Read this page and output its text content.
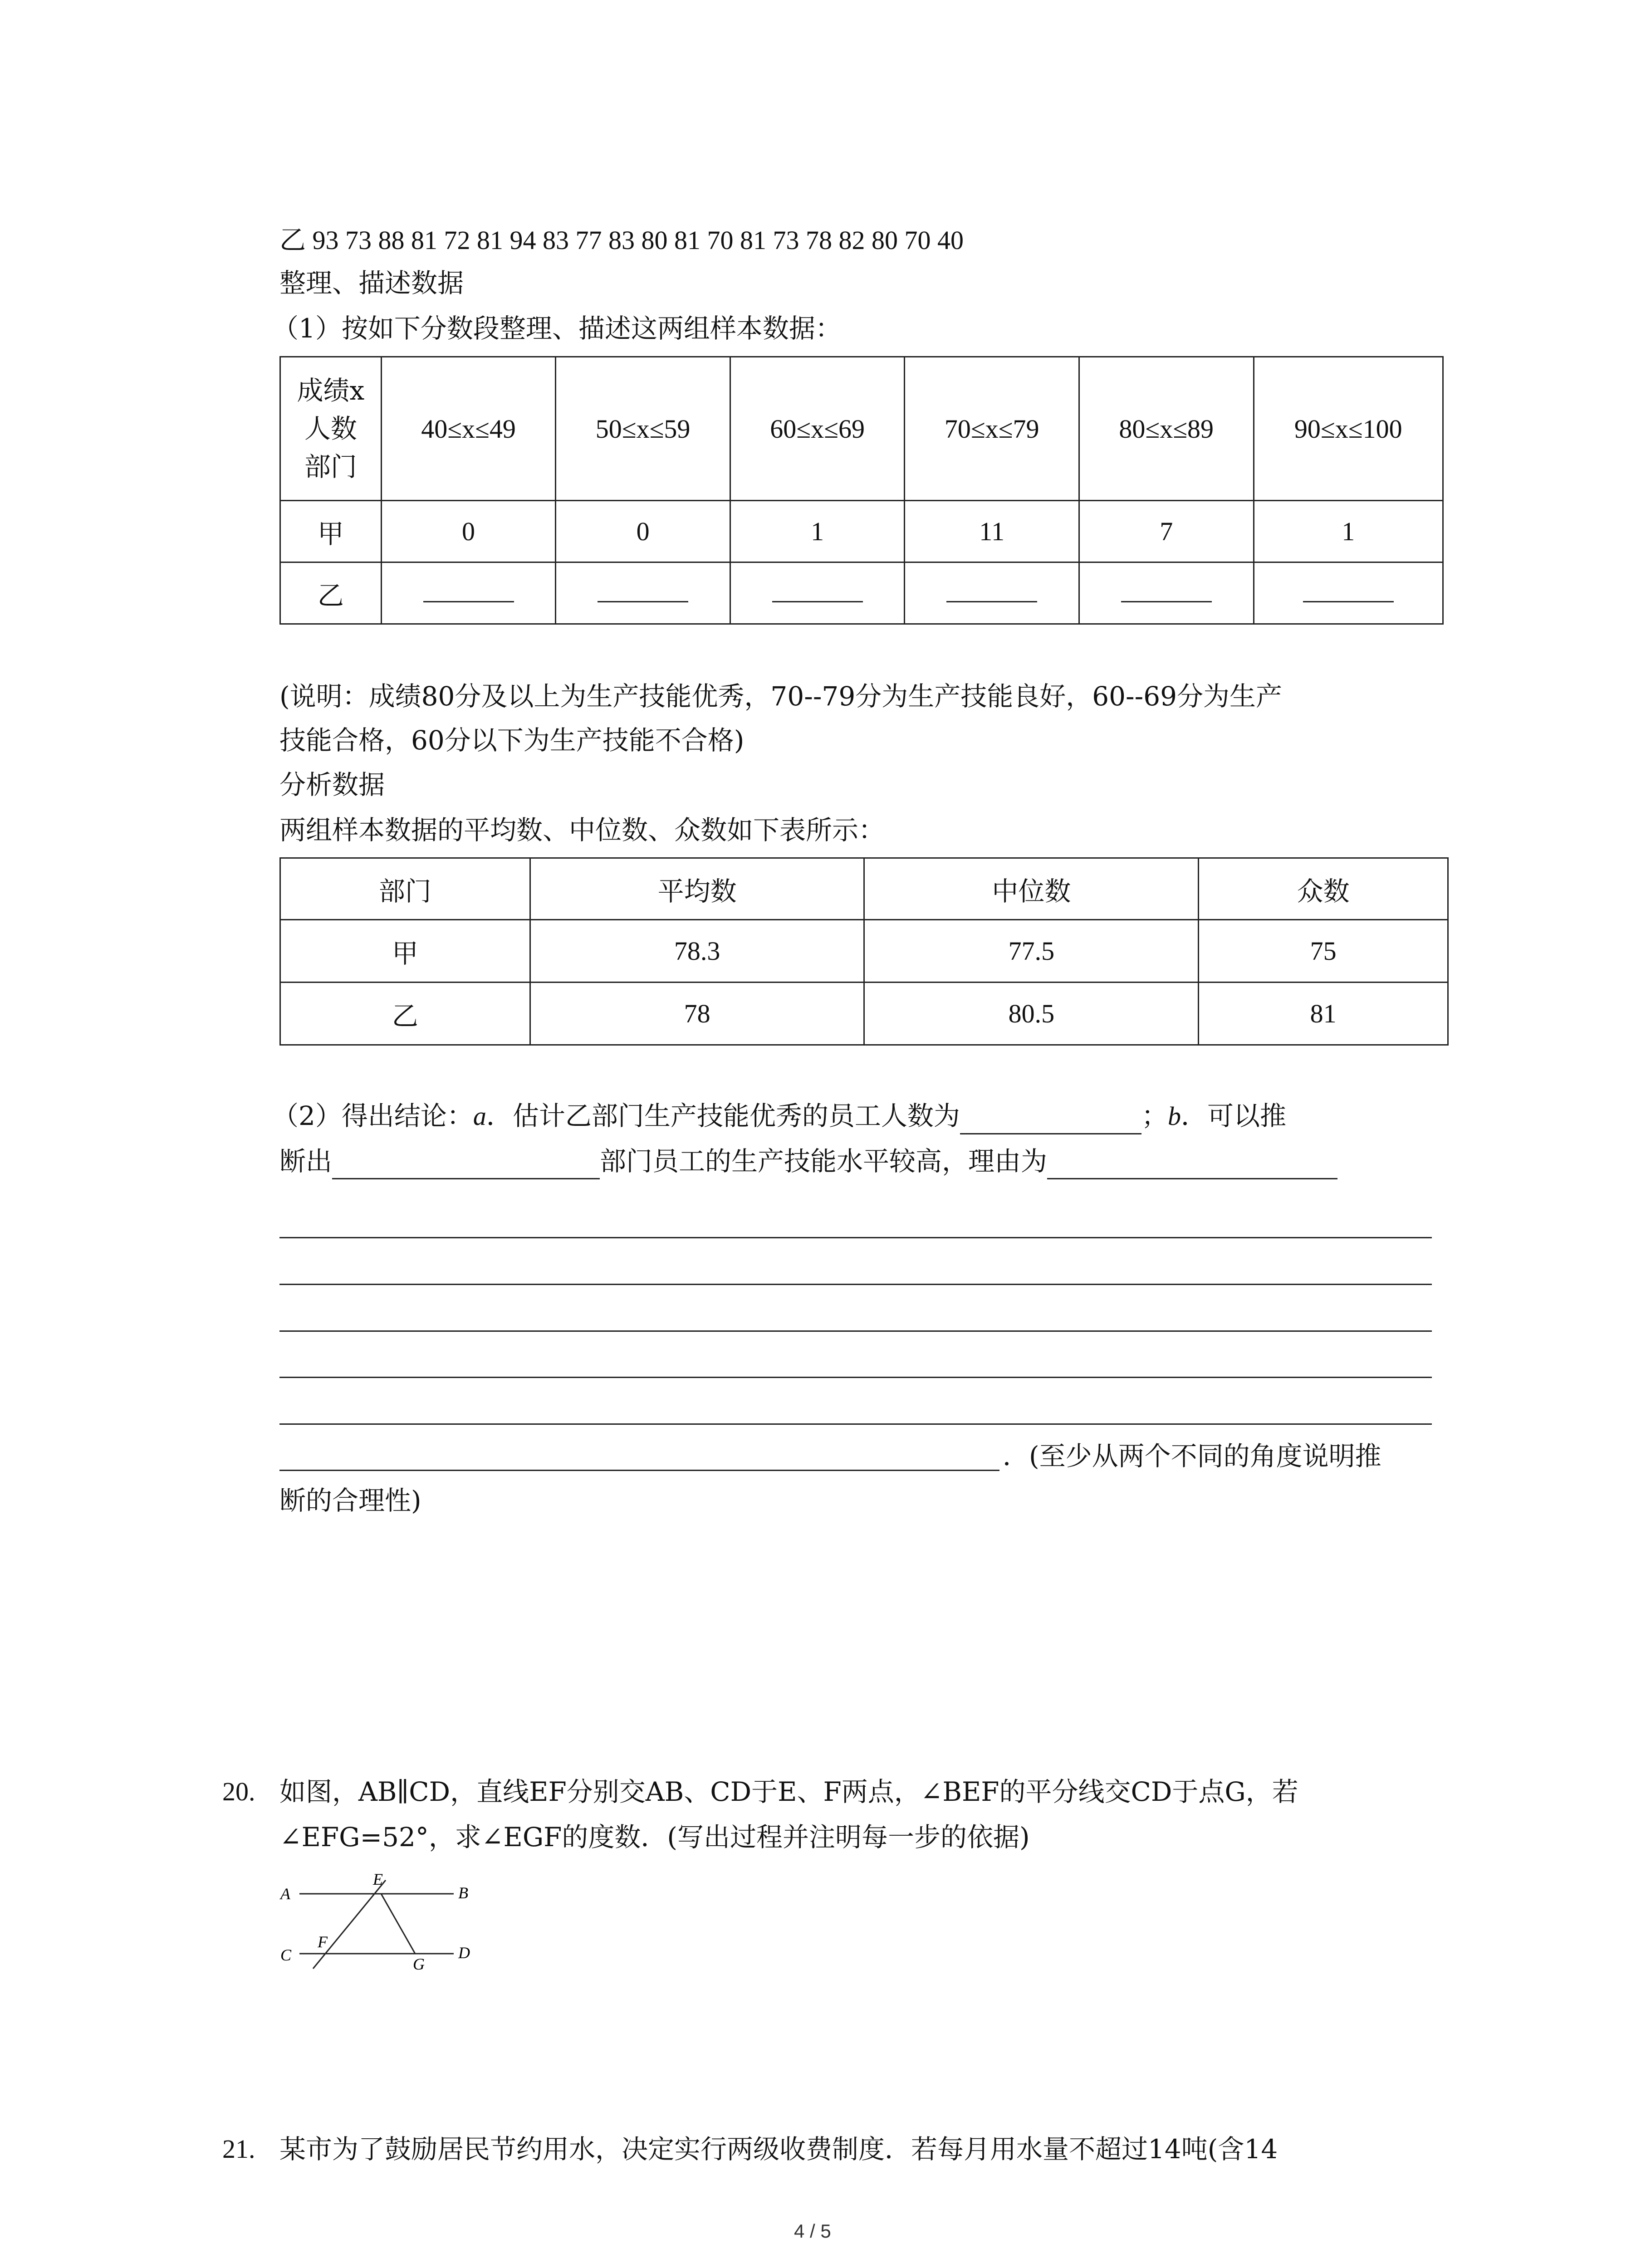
乙 93 73 88 81 72 81 94 83 77 83 80 81 70 81 73 78 82 80 70 40
整理、描述数据
（1）按如下分数段整理、描述这两组样本数据：
成绩x
人数
部门	40≤x≤49	50≤x≤59	60≤x≤69	70≤x≤79	80≤x≤89	90≤x≤100
甲	0	0	1	11	7	1
乙						
(说明：成绩80分及以上为生产技能优秀，70--79分为生产技能良好，60--69分为生产
技能合格，60分以下为生产技能不合格)
分析数据
两组样本数据的平均数、中位数、众数如下表所示：
部门	平均数	中位数	众数
甲	78.3	77.5	75
乙	78	80.5	81
（2）得出结论：a．估计乙部门生产技能优秀的员工人数为	；b．可以推
断出	部门员工的生产技能水平较高，理由为
．(至少从两个不同的角度说明推
断的合理性)
20. 如图，AB∥CD，直线EF分别交AB、CD于E、F两点，∠BEF的平分线交CD于点G，若
∠EFG=52°，求∠EGF的度数．(写出过程并注明每一步的依据)
A	B
C	D
E
F
G
21. 某市为了鼓励居民节约用水，决定实行两级收费制度．若每月用水量不超过14吨(含14
4 / 5
